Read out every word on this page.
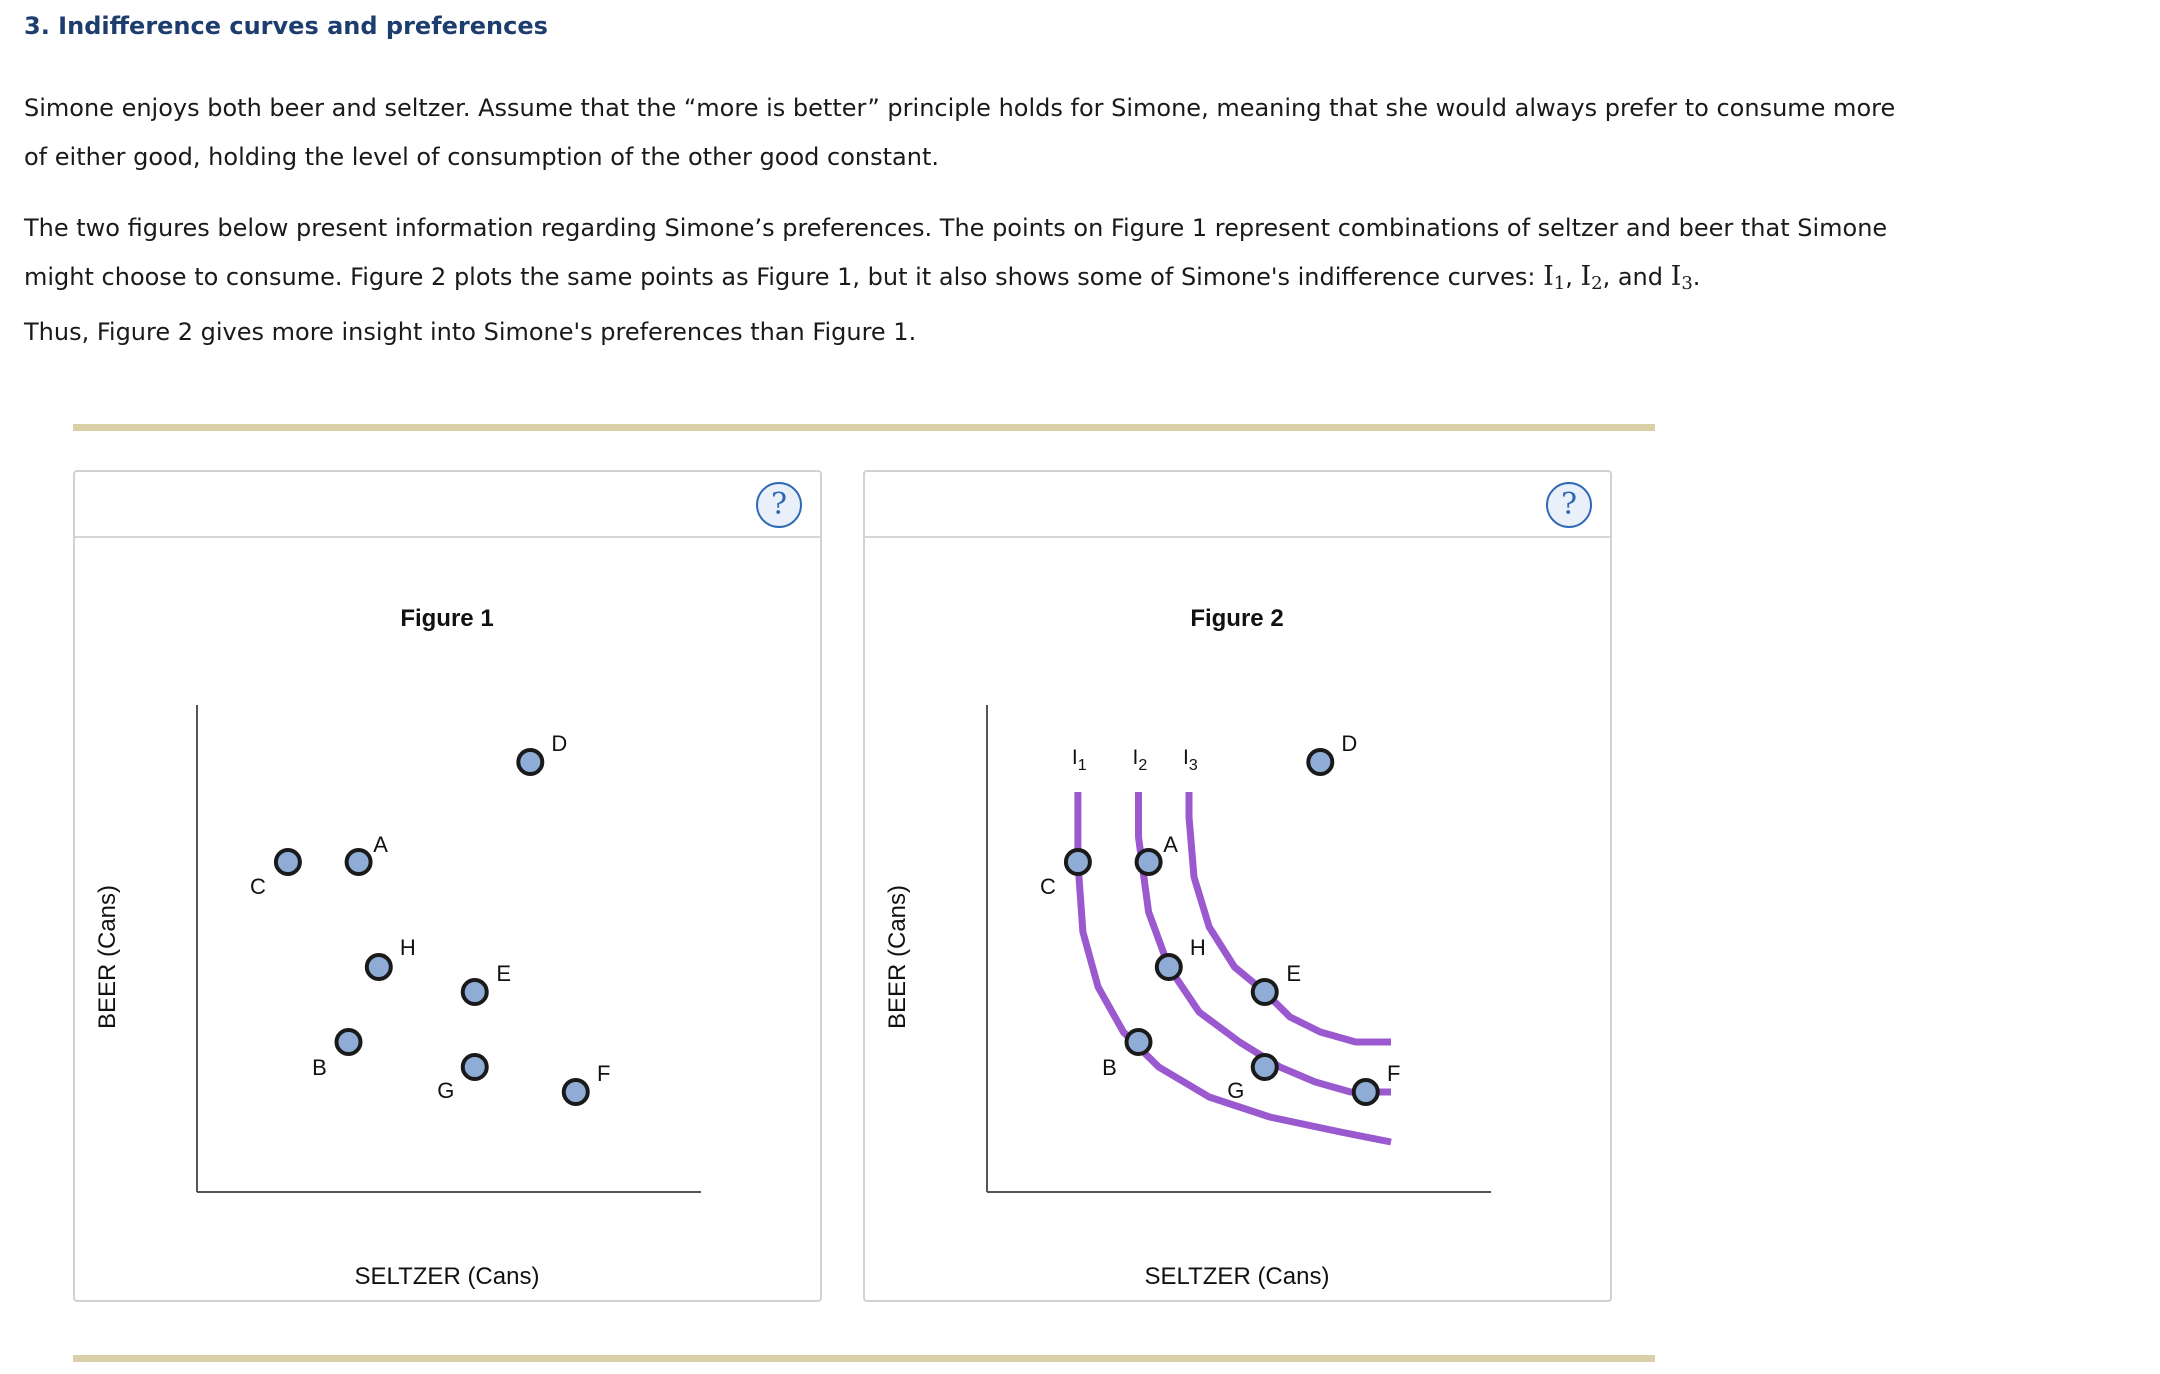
3. Indifference curves and preferences

Simone enjoys both beer and seltzer. Assume that the “more is better” principle holds for Simone, meaning that she would always prefer to consume more of either good, holding the level of consumption of the other good constant.

The two figures below present information regarding Simone’s preferences. The points on Figure 1 represent combinations of seltzer and beer that Simone might choose to consume. Figure 2 plots the same points as Figure 1, but it also shows some of Simone's indifference curves: $I_1$, $I_2$, and $I_3$.
Thus, Figure 2 gives more insight into Simone's preferences than Figure 1.

?
Figure 1
SELTZER (Cans)
BEER (Cans)
A
B
C
D
E
F
G
H
?
Figure 2
SELTZER (Cans)
BEER (Cans)
$I_1$ $I_2$ $I_3$
A
B
C
D
E
F
G
H
